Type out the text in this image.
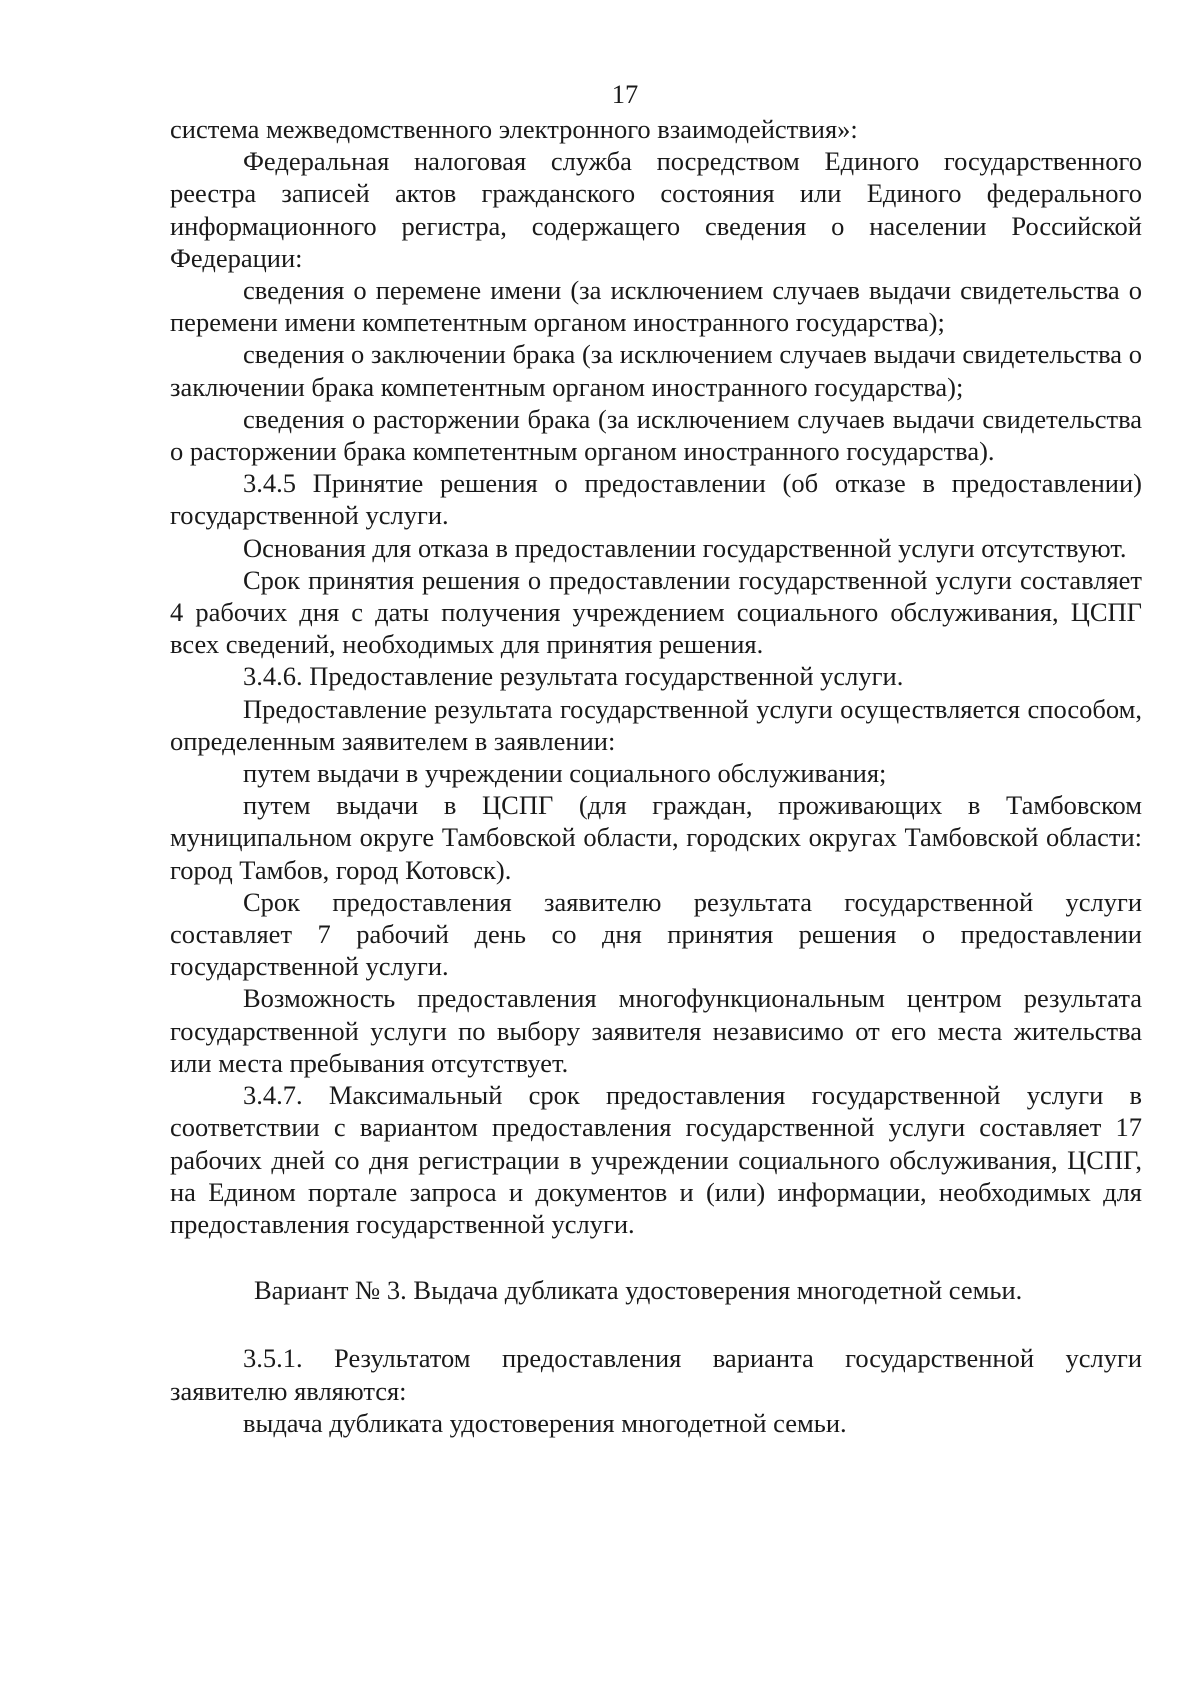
17

система межведомственного электронного взаимодействия»:

Федеральная налоговая служба посредством Единого государственного реестра записей актов гражданского состояния или Единого федерального информационного регистра, содержащего сведения о населении Российской Федерации:

сведения о перемене имени (за исключением случаев выдачи свидетельства о перемени имени компетентным органом иностранного государства);

сведения о заключении брака (за исключением случаев выдачи свидетельства о заключении брака компетентным органом иностранного государства);

сведения о расторжении брака (за исключением случаев выдачи свидетельства о расторжении брака компетентным органом иностранного государства).

3.4.5 Принятие решения о предоставлении (об отказе в предоставлении) государственной услуги.

Основания для отказа в предоставлении государственной услуги отсутствуют.

Срок принятия решения о предоставлении государственной услуги составляет 4 рабочих дня с даты получения учреждением социального обслуживания, ЦСПГ всех сведений, необходимых для принятия решения.

3.4.6. Предоставление результата государственной услуги.

Предоставление результата государственной услуги осуществляется способом, определенным заявителем в заявлении:

путем выдачи в учреждении социального обслуживания;

путем выдачи в ЦСПГ (для граждан, проживающих в Тамбовском муниципальном округе Тамбовской области, городских округах Тамбовской области: город Тамбов, город Котовск).

Срок предоставления заявителю результата государственной услуги составляет 7 рабочий день со дня принятия решения о предоставлении государственной услуги.

Возможность предоставления многофункциональным центром результата государственной услуги по выбору заявителя независимо от его места жительства или места пребывания отсутствует.

3.4.7. Максимальный срок предоставления государственной услуги в соответствии с вариантом предоставления государственной услуги составляет 17 рабочих дней со дня регистрации в учреждении социального обслуживания, ЦСПГ, на Едином портале запроса и документов и (или) информации, необходимых для предоставления государственной услуги.

Вариант № 3. Выдача дубликата удостоверения многодетной семьи.

3.5.1. Результатом предоставления варианта государственной услуги заявителю являются:

выдача дубликата удостоверения многодетной семьи.
